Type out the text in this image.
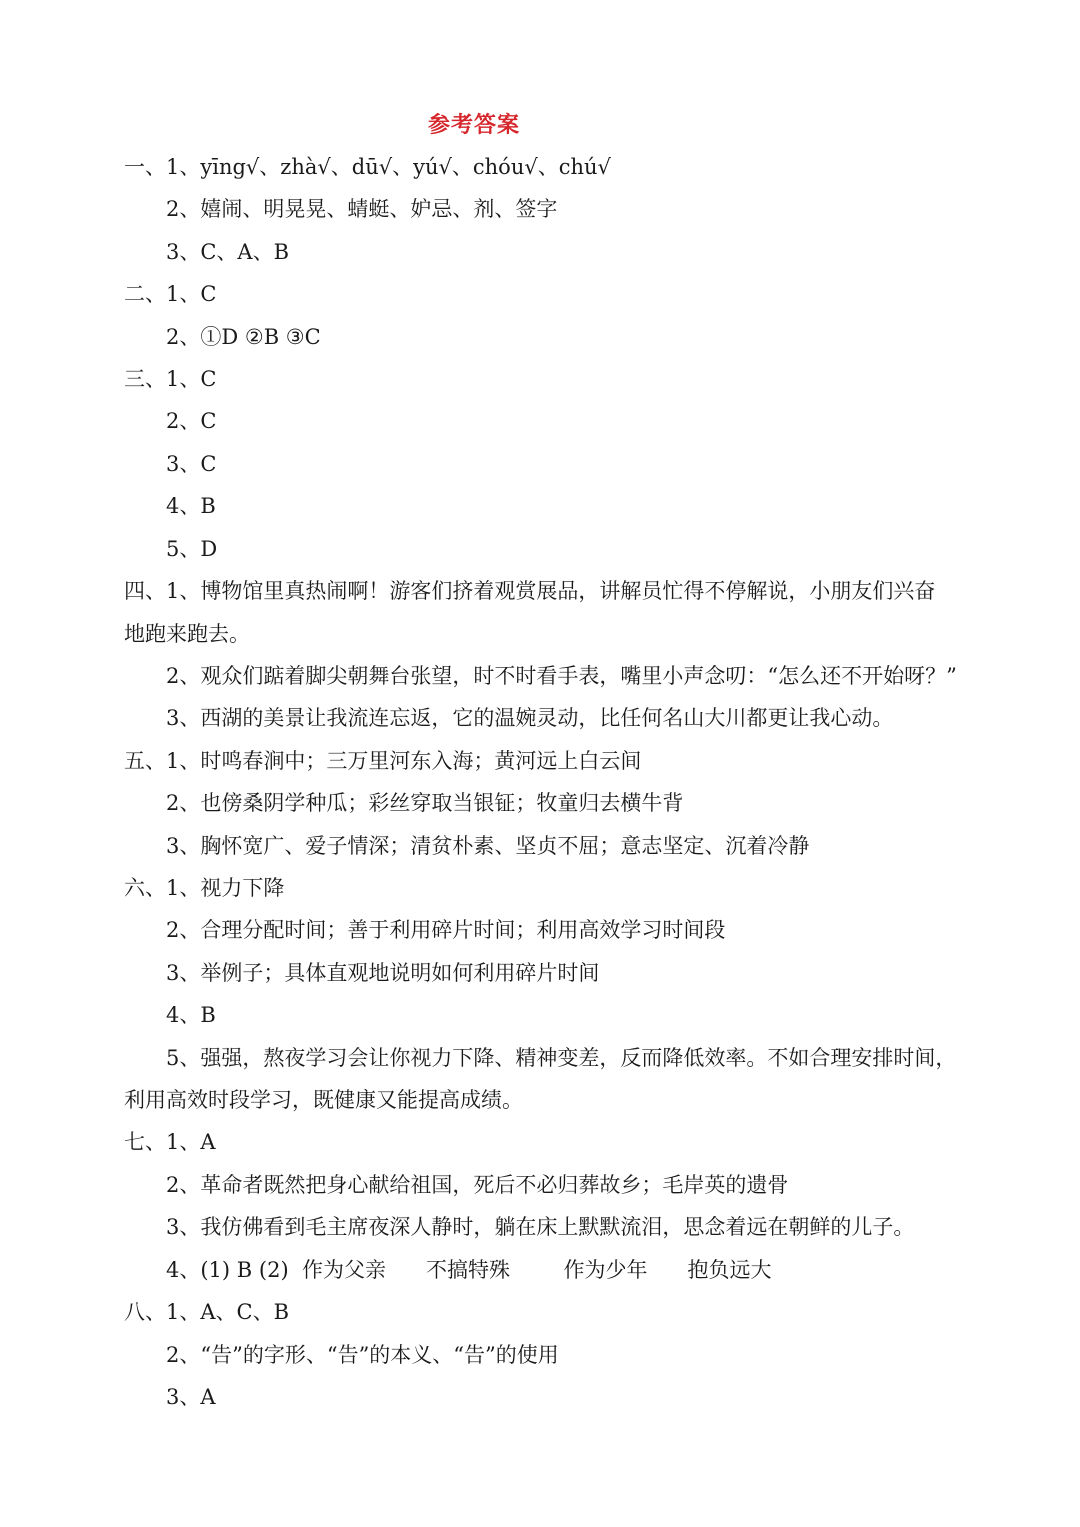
参考答案
一、1、yīng√、zhà√、dū√、yú√、chóu√、chú√
2、嬉闹、明晃晃、蜻蜓、妒忌、剂、签字
3、C、A、B
二、1、C
2、①D ②B ③C
三、1、C
2、C
3、C
4、B
5、D
四、1、博物馆里真热闹啊！游客们挤着观赏展品，讲解员忙得不停解说，小朋友们兴奋
地跑来跑去。
2、观众们踮着脚尖朝舞台张望，时不时看手表，嘴里小声念叨：“怎么还不开始呀？”
3、西湖的美景让我流连忘返，它的温婉灵动，比任何名山大川都更让我心动。
五、1、时鸣春涧中；三万里河东入海；黄河远上白云间
2、也傍桑阴学种瓜；彩丝穿取当银钲；牧童归去横牛背
3、胸怀宽广、爱子情深；清贫朴素、坚贞不屈；意志坚定、沉着冷静
六、1、视力下降
2、合理分配时间；善于利用碎片时间；利用高效学习时间段
3、举例子；具体直观地说明如何利用碎片时间
4、B
5、强强，熬夜学习会让你视力下降、精神变差，反而降低效率。不如合理安排时间，
利用高效时段学习，既健康又能提高成绩。
七、1、A
2、革命者既然把身心献给祖国，死后不必归葬故乡；毛岸英的遗骨
3、我仿佛看到毛主席夜深人静时，躺在床上默默流泪，思念着远在朝鲜的儿子。
4、(1) B (2)  作为父亲      不搞特殊        作为少年      抱负远大
八、1、A、C、B
2、“告”的字形、“告”的本义、“告”的使用
3、A
